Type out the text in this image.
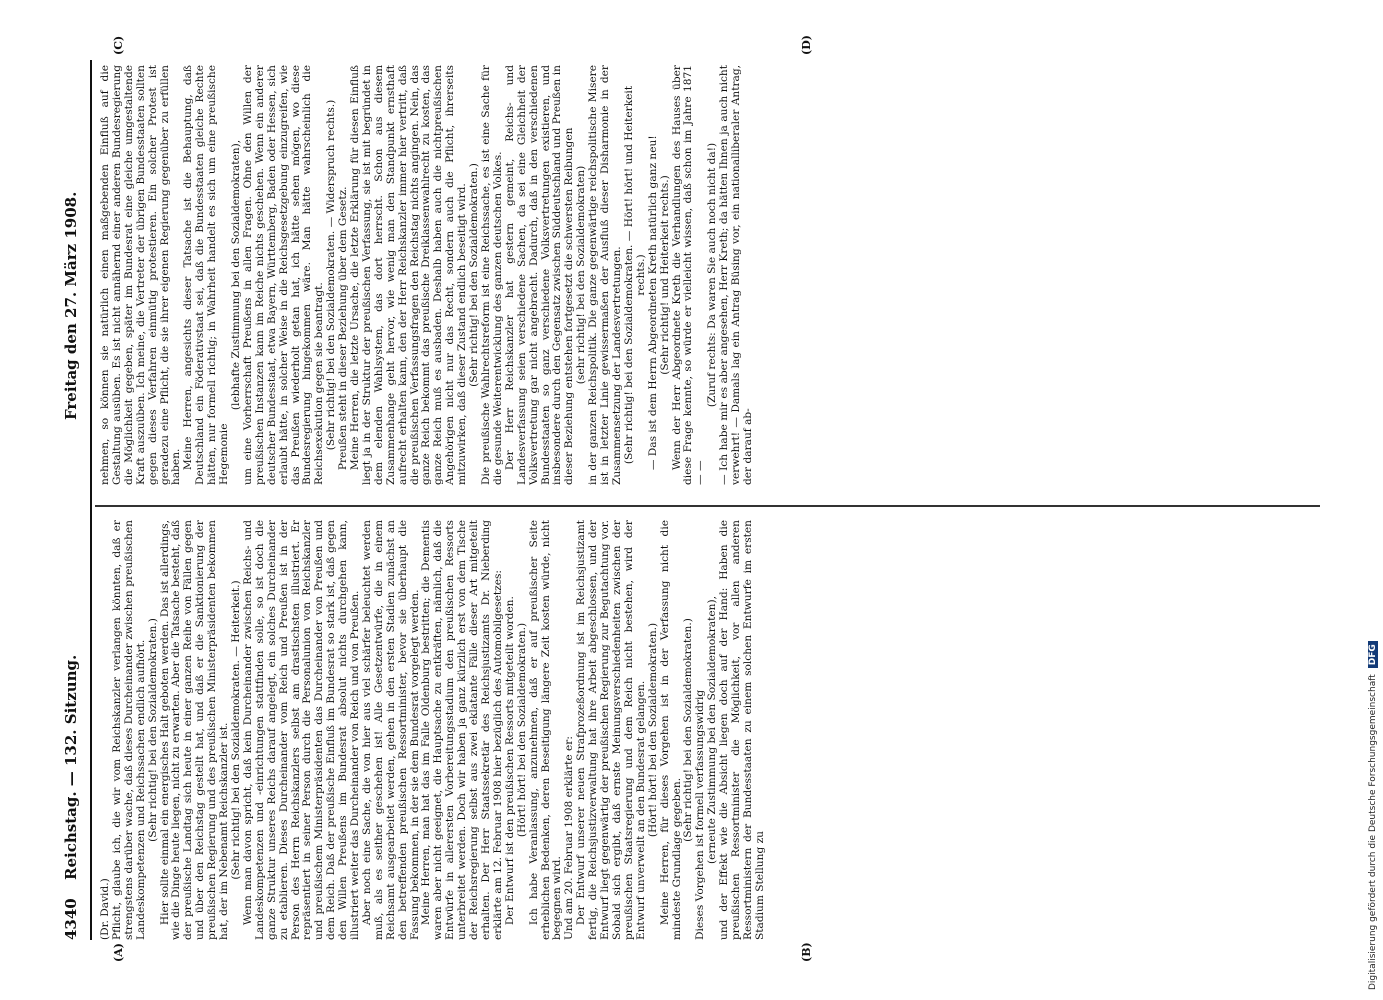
4340
Reichstag. — 132. Sitzung.
Freitag den 27. März 1908.
(A)	(B)
(C)	(D)

(Dr. David.) Pflicht, glaube ich, die wir vom Reichskanzler verlangen könnten, daß er strengstens darüber wache, daß dieses Durcheinander zwischen preußischen Landeskompetenzen und Reichssachen endlich aufhört. (Sehr richtig! bei den Sozialdemokraten.) Hier sollte einmal ein energisches Halt geboten werden. Das ist allerdings, wie die Dinge heute liegen, nicht zu erwarten. Aber die Tatsache besteht, daß der preußische Landtag sich heute in einer ganzen Reihe von Fällen gegen und über den Reichstag gestellt hat, und daß er die Sanktionierung der preußischen Regierung und des preußischen Ministerpräsidenten bekommen hat, der im Nebenamt Reichskanzler ist. (Sehr richtig! bei den Sozialdemokraten. — Heiterkeit.) Wenn man davon spricht, daß kein Durcheinander zwischen Reichs- und Landeskompetenzen und -einrichtungen stattfinden solle, so ist doch die ganze Struktur unseres Reichs darauf angelegt, ein solches Durcheinander zu etablieren. Dieses Durcheinander vom Reich und Preußen ist in der Person des Herrn Reichskanzlers selbst am drastischsten illustriert. Er repräsentiert in seiner Person durch die Personalunion von Reichskanzler und preußischem Ministerpräsidenten das Durcheinander von Preußen und dem Reich. Daß der preußische Einfluß im Bundesrat so stark ist, daß gegen den Willen Preußens im Bundesrat absolut nichts durchgehen kann, illustriert weiter das Durcheinander von Reich und von Preußen. Aber noch eine Sache, die von hier aus viel schärfer beleuchtet werden muß, als es seither geschehen ist! Alle Gesetzentwürfe, die in einem Reichsamt ausgearbeitet werden, gehen in den ersten Stadien zunächst an den betreffenden preußischen Ressortminister, bevor sie überhaupt die Fassung bekommen, in der sie dem Bundesrat vorgelegt werden. Meine Herren, man hat das im Falle Oldenburg bestritten; die Dementis waren aber nicht geeignet, die Hauptsache zu entkräften, nämlich, daß die Entwürfe in allerersten Vorbereitungsstadium den preußischen Ressorts unterbreitet werden. Doch wir haben ja ganz kürzlich erst von dem Tische der Reichsregierung selbst aus zwei eklatante Fälle dieser Art mitgeteilt erhalten. Der Herr Staatssekretär des Reichsjustizamts Dr. Nieberding erklärte am 12. Februar 1908 hier bezüglich des Automobilgesetzes: Der Entwurf ist den preußischen Ressorts mitgeteilt worden. (Hört! hört! bei den Sozialdemokraten.) Ich habe Veranlassung, anzunehmen, daß er auf preußischer Seite erheblichen Bedenken, deren Beseitigung längere Zeit kosten würde, nicht begegnen wird. Und am 20. Februar 1908 erklärte er: Der Entwurf unserer neuen Strafprozeßordnung ist im Reichsjustizamt fertig, die Reichsjustizverwaltung hat ihre Arbeit abgeschlossen, und der Entwurf liegt gegenwärtig der preußischen Regierung zur Begutachtung vor. Sobald sich ergibt, daß ernste Meinungsverschiedenheiten zwischen der preußischen Staatsregierung und dem Reich nicht bestehen, wird der Entwurf unverweilt an den Bundesrat gelangen. (Hört! hört! bei den Sozialdemokraten.) Meine Herren, für dieses Vorgehen ist in der Verfassung nicht die mindeste Grundlage gegeben.

(Sehr richtig! bei den Sozialdemokraten.) Dieses Vorgehen ist formell verfassungswidrig (erneute Zustimmung bei den Sozialdemokraten), und der Effekt wie die Absicht liegen doch auf der Hand: Haben die preußischen Ressortminister die Möglichkeit, vor allen anderen Ressortministern der Bundesstaaten zu einem solchen Entwurfe im ersten Stadium Stellung zu

nehmen, so können sie natürlich einen maßgebenden Einfluß auf die Gestaltung ausüben. Es ist nicht annähernd einer anderen Bundesregierung die Möglichkeit gegeben, später im Bundesrat eine gleiche umgestaltende Kraft auszuüben. Ich meine, die Vertreter der übrigen Bundesstaaten sollten gegen dieses Verfahren einmütig protestieren. Ein solcher Protest ist geradezu eine Pflicht, die sie ihrer eigenen Regierung gegenüber zu erfüllen haben. Meine Herren, angesichts dieser Tatsache ist die Behauptung, daß Deutschland ein Föderativstaat sei, daß die Bundesstaaten gleiche Rechte hätten, nur formell richtig; in Wahrheit handelt es sich um eine preußische Hegemonie

(lebhafte Zustimmung bei den Sozialdemokraten), um eine Vorherrschaft Preußens in allen Fragen. Ohne den Willen der preußischen Instanzen kann im Reiche nichts geschehen. Wenn ein anderer deutscher Bundesstaat, etwa Bayern, Württemberg, Baden oder Hessen, sich erlaubt hätte, in solcher Weise in die Reichsgesetzgebung einzugreifen, wie das Preußen wiederholt getan hat, ich hätte sehen mögen, wo diese Bundesregierung hingekommen wäre. Man hätte wahrscheinlich die Reichsexekution gegen sie beantragt. (Sehr richtig! bei den Sozialdemokraten. — Widerspruch rechts.) Preußen steht in dieser Beziehung über dem Gesetz. Meine Herren, die letzte Ursache, die letzte Erklärung für diesen Einfluß liegt ja in der Struktur der preußischen Verfassung, sie ist mit begründet in dem elenden Wahlsystem, das dort herrscht. Schon aus diesem Zusammenhange geht hervor, wie wenig man den Standpunkt ernsthaft aufrecht erhalten kann, den der Herr Reichskanzler immer hier vertritt, daß die preußischen Verfassungsfragen den Reichstag nichts angingen. Nein, das ganze Reich bekommt das preußische Dreiklassenwahlrecht zu kosten, das ganze Reich muß es ausbaden. Deshalb haben auch die nichtpreußischen Angehörigen nicht nur das Recht, sondern auch die Pflicht, ihrerseits mitzuwirken, daß dieser Zustand endlich beseitigt wird. (Sehr richtig! bei den Sozialdemokraten.) Die preußische Wahlrechtsreform ist eine Reichssache, es ist eine Sache für die gesunde Weiterentwicklung des ganzen deutschen Volkes. Der Herr Reichskanzler hat gestern gemeint, Reichs- und Landesverfassung seien verschiedene Sachen, da sei eine Gleichheit der Volksvertretung gar nicht angebracht. Dadurch, daß in den verschiedenen Bundesstaaten so ganz verschiedene Volksvertretungen existieren, und insbesondere durch den Gegensatz zwischen Süddeutschland und Preußen in dieser Beziehung entstehen fortgesetzt die schwersten Reibungen (sehr richtig! bei den Sozialdemokraten) in der ganzen Reichspolitik. Die ganze gegenwärtige reichspolitische Misere ist in letzter Linie gewissermaßen der Ausfluß dieser Disharmonie in der Zusammensetzung der Landesvertretungen. (Sehr richtig! bei den Sozialdemokraten. — Hört! hört! und Heiterkeit rechts.) — Das ist dem Herrn Abgeordneten Kreth natürlich ganz neu! (Sehr richtig! und Heiterkeit rechts.) Wenn der Herr Abgeordnete Kreth die Verhandlungen des Hauses über diese Frage kennte, so würde er vielleicht wissen, daß schon im Jahre 1871 — —

(Zuruf rechts: Da waren Sie auch noch nicht da!) — Ich habe mir es aber angesehen, Herr Kreth; da hätten Ihnen ja auch nicht verwehrt! — Damals lag ein Antrag Büsing vor, ein nationalliberaler Antrag, der darauf ab-

Digitalisierung gefördert durch die Deutsche ForschungsgemeinschaftDFG
